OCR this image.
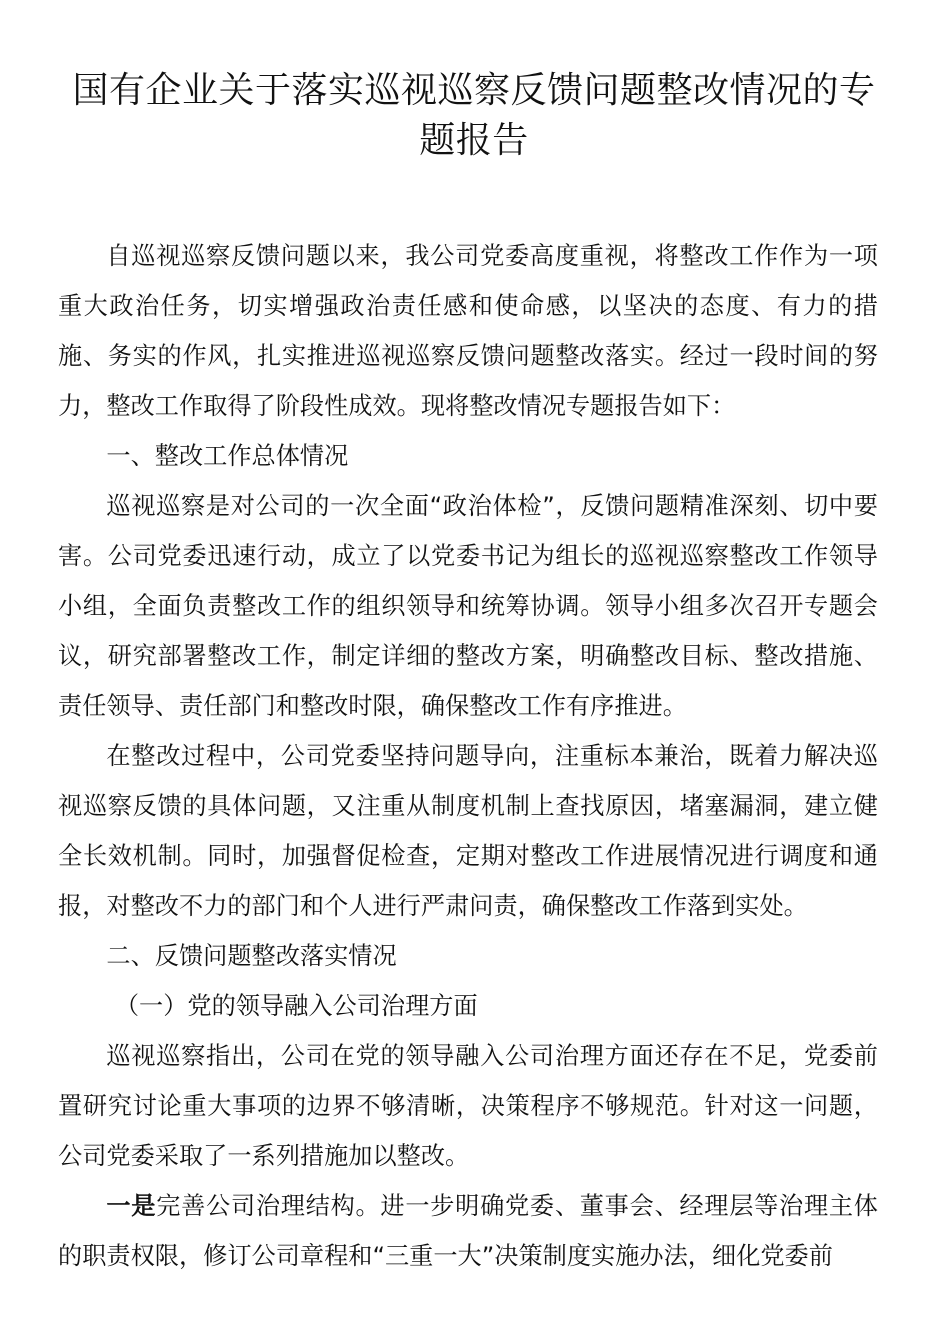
国有企业关于落实巡视巡察反馈问题整改情况的专题报告

自巡视巡察反馈问题以来，我公司党委高度重视，将整改工作作为一项重大政治任务，切实增强政治责任感和使命感，以坚决的态度、有力的措施、务实的作风，扎实推进巡视巡察反馈问题整改落实。经过一段时间的努力，整改工作取得了阶段性成效。现将整改情况专题报告如下：

一、整改工作总体情况

巡视巡察是对公司的一次全面“政治体检”，反馈问题精准深刻、切中要害。公司党委迅速行动，成立了以党委书记为组长的巡视巡察整改工作领导小组，全面负责整改工作的组织领导和统筹协调。领导小组多次召开专题会议，研究部署整改工作，制定详细的整改方案，明确整改目标、整改措施、责任领导、责任部门和整改时限，确保整改工作有序推进。

在整改过程中，公司党委坚持问题导向，注重标本兼治，既着力解决巡视巡察反馈的具体问题，又注重从制度机制上查找原因，堵塞漏洞，建立健全长效机制。同时，加强督促检查，定期对整改工作进展情况进行调度和通报，对整改不力的部门和个人进行严肃问责，确保整改工作落到实处。

二、反馈问题整改落实情况

（一）党的领导融入公司治理方面

巡视巡察指出，公司在党的领导融入公司治理方面还存在不足，党委前置研究讨论重大事项的边界不够清晰，决策程序不够规范。针对这一问题，公司党委采取了一系列措施加以整改。

一是完善公司治理结构。进一步明确党委、董事会、经理层等治理主体的职责权限，修订公司章程和“三重一大”决策制度实施办法，细化党委前
